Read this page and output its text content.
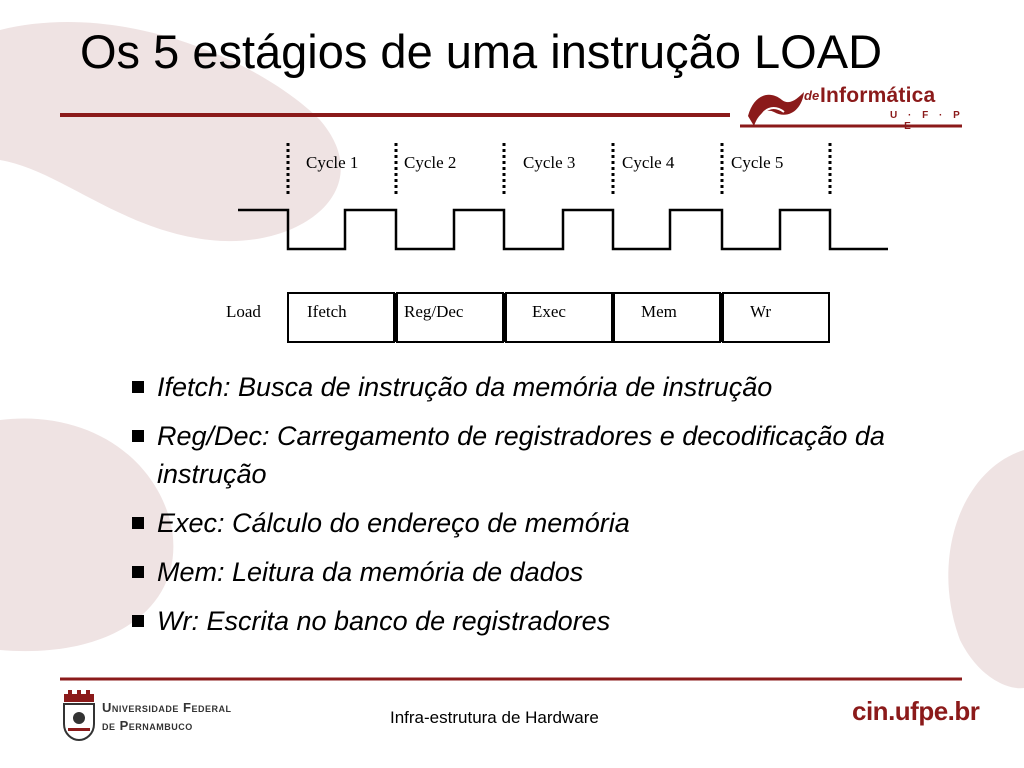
Os 5 estágios de uma instrução LOAD
de Informática
U · F · P · E
Cycle 1	Cycle 2	Cycle 3	Cycle 4	Cycle 5
Load	Ifetch	Reg/Dec	Exec	Mem	Wr
Ifetch: Busca de instrução da memória de instrução
Reg/Dec: Carregamento de registradores e decodificação da instrução
Exec: Cálculo do endereço de memória
Mem: Leitura da memória de dados
Wr: Escrita no banco de registradores
Universidade Federal
de Pernambuco	Infra-estrutura de Hardware	cin.ufpe.br
